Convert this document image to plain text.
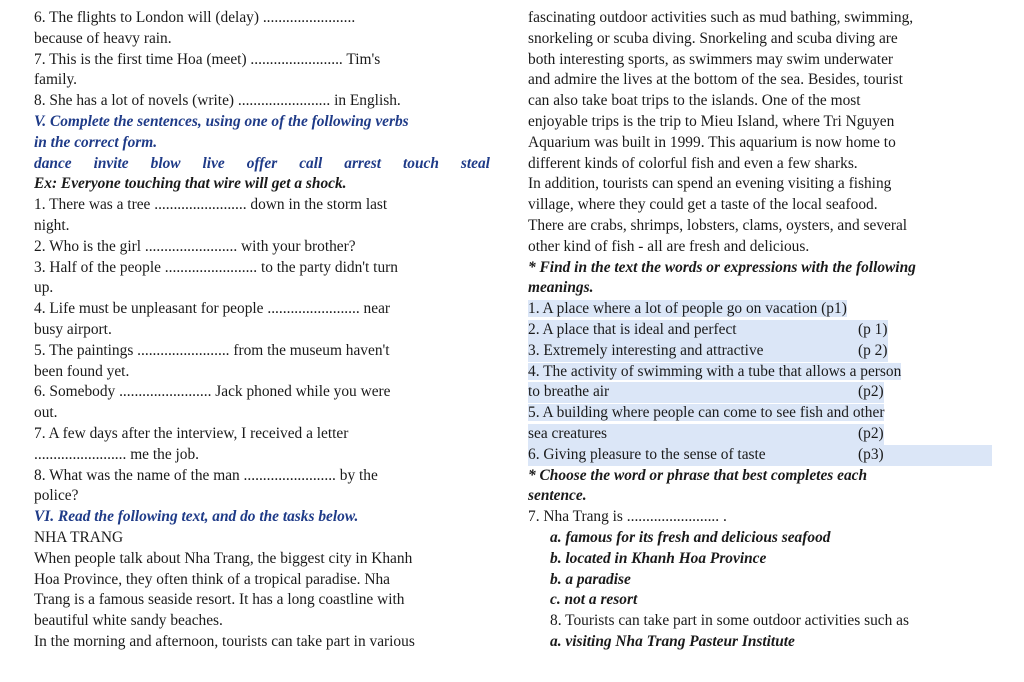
6. The flights to London will (delay) ........................
because of heavy rain.
7. This is the first time Hoa (meet) ........................ Tim's
family.
8. She has a lot of novels (write) ........................ in English.
V. Complete the sentences, using one of the following verbs
in the correct form.
dance invite blow live offer call arrest touch steal
Ex: Everyone touching that wire will get a shock.
1. There was a tree ........................ down in the storm last
night.
2. Who is the girl ........................ with your brother?
3. Half of the people ........................ to the party didn't turn
up.
4. Life must be unpleasant for people ........................ near
busy airport.
5. The paintings ........................ from the museum haven't
been found yet.
6. Somebody ........................ Jack phoned while you were
out.
7. A few days after the interview, I received a letter
........................ me the job.
8. What was the name of the man ........................ by the
police?
VI. Read the following text, and do the tasks below.
NHA TRANG
When people talk about Nha Trang, the biggest city in Khanh
Hoa Province, they often think of a tropical paradise. Nha
Trang is a famous seaside resort. It has a long coastline with
beautiful white sandy beaches.
In the morning and afternoon, tourists can take part in various
fascinating outdoor activities such as mud bathing, swimming,
snorkeling or scuba diving. Snorkeling and scuba diving are
both interesting sports, as swimmers may swim underwater
and admire the lives at the bottom of the sea. Besides, tourist
can also take boat trips to the islands. One of the most
enjoyable trips is the trip to Mieu Island, where Tri Nguyen
Aquarium was built in 1999. This aquarium is now home to
different kinds of colorful fish and even a few sharks.
In addition, tourists can spend an evening visiting a fishing
village, where they could get a taste of the local seafood.
There are crabs, shrimps, lobsters, clams, oysters, and several
other kind of fish - all are fresh and delicious.
* Find in the text the words or expressions with the following
meanings.
1. A place where a lot of people go on vacation (p1)
2. A place that is ideal and perfect	(p 1)
3. Extremely interesting and attractive	(p 2)
4. The activity of swimming with a tube that allows a person
to breathe air	(p2)
5. A building where people can come to see fish and other
sea creatures	(p2)
6. Giving pleasure to the sense of taste	(p3)
* Choose the word or phrase that best completes each
sentence.
7. Nha Trang is ........................ .
a. famous for its fresh and delicious seafood
b. located in Khanh Hoa Province
b. a paradise
c. not a resort
8. Tourists can take part in some outdoor activities such as
a. visiting Nha Trang Pasteur Institute
